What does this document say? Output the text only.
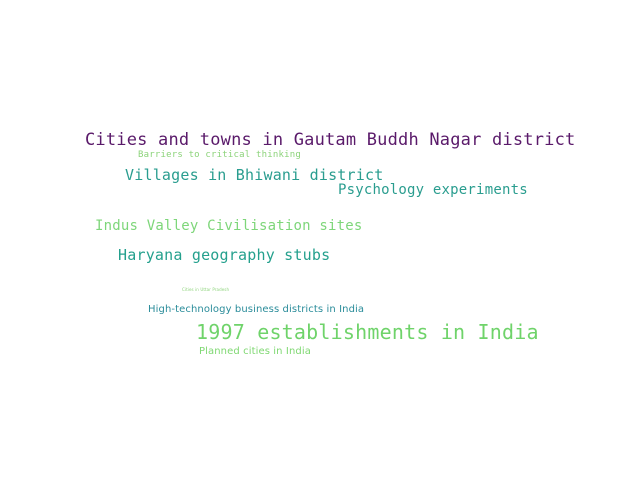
Cities and towns in Gautam Buddh Nagar district
Barriers to critical thinking
Villages in Bhiwani district
Psychology experiments
Indus Valley Civilisation sites
Haryana geography stubs
Cities in Uttar Pradesh
High-technology business districts in India
1997 establishments in India
Planned cities in India
